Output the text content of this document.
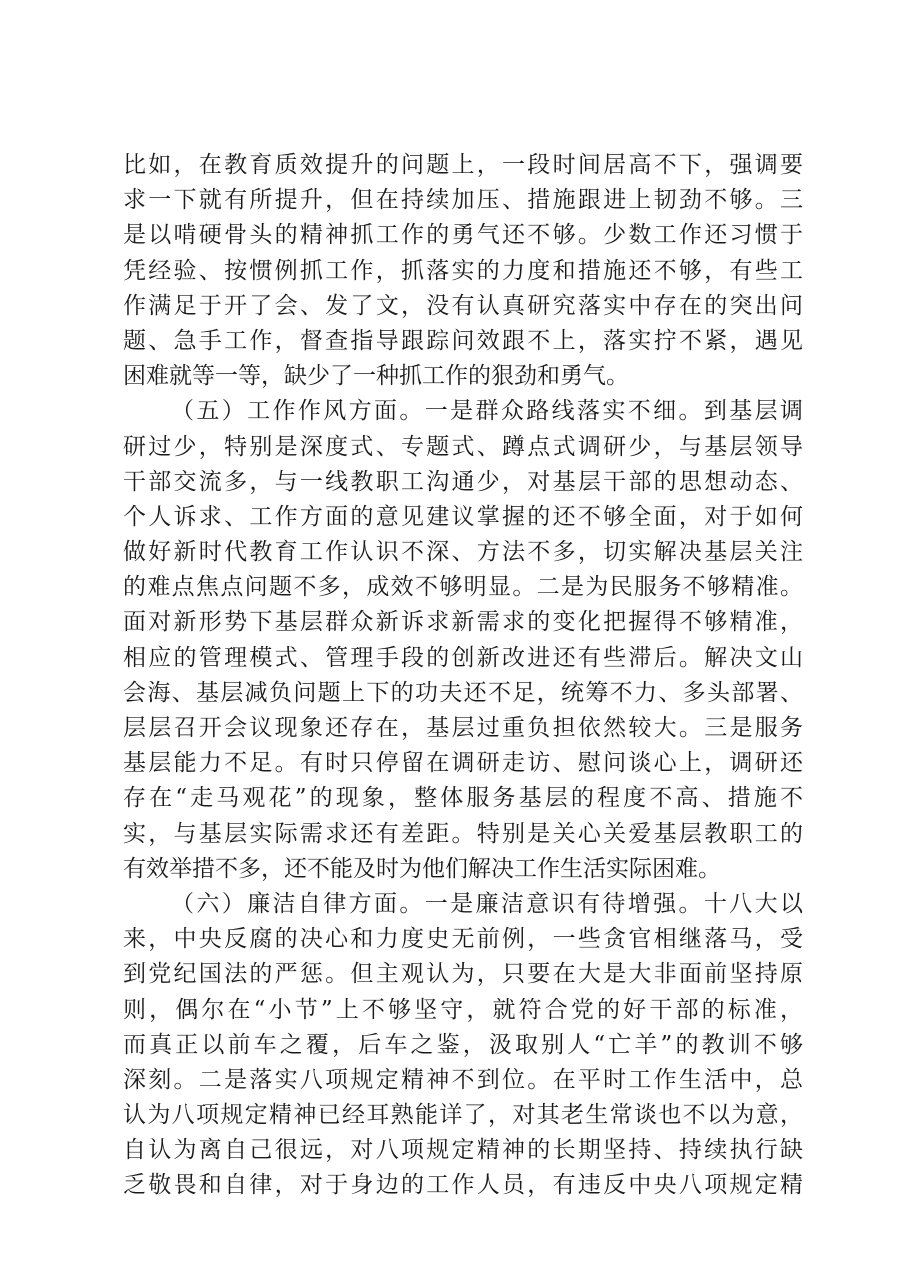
比如，在教育质效提升的问题上，一段时间居高不下，强调要
求一下就有所提升，但在持续加压、措施跟进上韧劲不够。三
是以啃硬骨头的精神抓工作的勇气还不够。少数工作还习惯于
凭经验、按惯例抓工作，抓落实的力度和措施还不够，有些工
作满足于开了会、发了文，没有认真研究落实中存在的突出问
题、急手工作，督查指导跟踪问效跟不上，落实拧不紧，遇见
困难就等一等，缺少了一种抓工作的狠劲和勇气。
（五）工作作风方面。一是群众路线落实不细。到基层调
研过少，特别是深度式、专题式、蹲点式调研少，与基层领导
干部交流多，与一线教职工沟通少，对基层干部的思想动态、
个人诉求、工作方面的意见建议掌握的还不够全面，对于如何
做好新时代教育工作认识不深、方法不多，切实解决基层关注
的难点焦点问题不多，成效不够明显。二是为民服务不够精准。
面对新形势下基层群众新诉求新需求的变化把握得不够精准，
相应的管理模式、管理手段的创新改进还有些滞后。解决文山
会海、基层减负问题上下的功夫还不足，统筹不力、多头部署、
层层召开会议现象还存在，基层过重负担依然较大。三是服务
基层能力不足。有时只停留在调研走访、慰问谈心上，调研还
存在“走马观花”的现象，整体服务基层的程度不高、措施不
实，与基层实际需求还有差距。特别是关心关爱基层教职工的
有效举措不多，还不能及时为他们解决工作生活实际困难。
（六）廉洁自律方面。一是廉洁意识有待增强。十八大以
来，中央反腐的决心和力度史无前例，一些贪官相继落马，受
到党纪国法的严惩。但主观认为，只要在大是大非面前坚持原
则，偶尔在“小节”上不够坚守，就符合党的好干部的标准，
而真正以前车之覆，后车之鉴，汲取别人“亡羊”的教训不够
深刻。二是落实八项规定精神不到位。在平时工作生活中，总
认为八项规定精神已经耳熟能详了，对其老生常谈也不以为意，
自认为离自己很远，对八项规定精神的长期坚持、持续执行缺
乏敬畏和自律，对于身边的工作人员，有违反中央八项规定精
